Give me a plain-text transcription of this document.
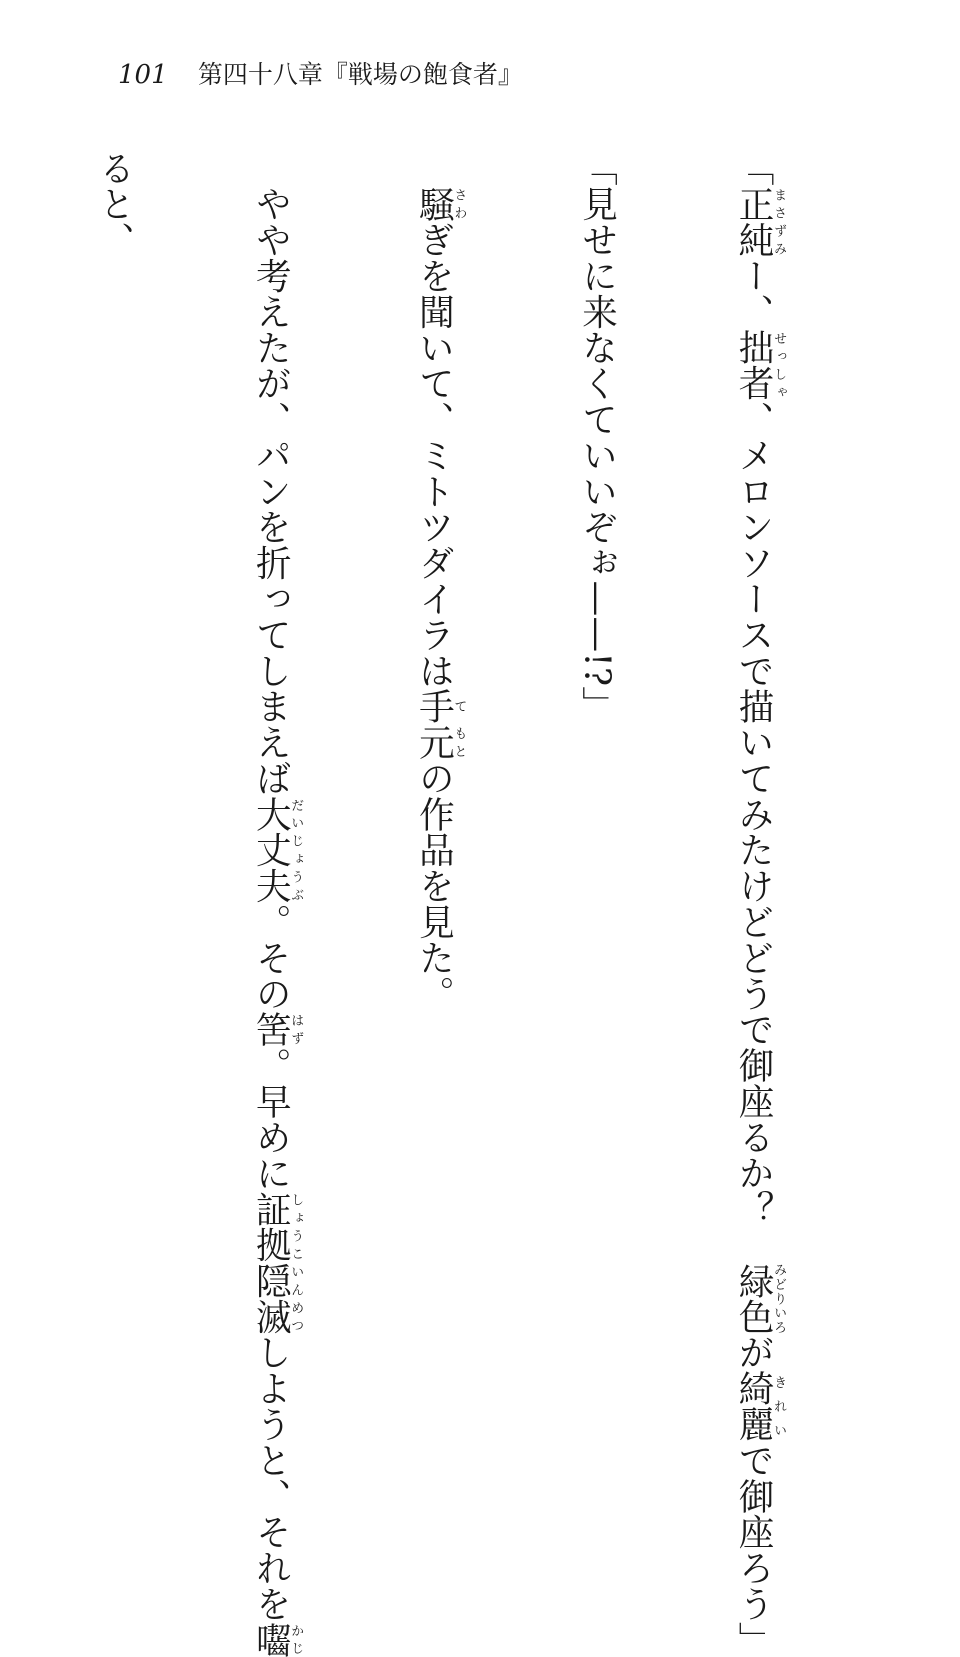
101 第四十八章『戦場の飽食者』

「正純まさずみー、拙者せっしゃ、メロンソースで描いてみたけどどうで御座るか？　緑色みどりいろが綺麗きれいで御座ろう」

「見せに来なくていいぞぉ——!?」

　騒さわぎを聞いて、ミトツダイラは手て元もとの作品を見た。

　やや考えたが、パンを折ってしまえば大丈夫だいじょうぶ。その筈はず。早めに証拠隠滅しょうこいんめつしようと、それを囓かじ

ると、
